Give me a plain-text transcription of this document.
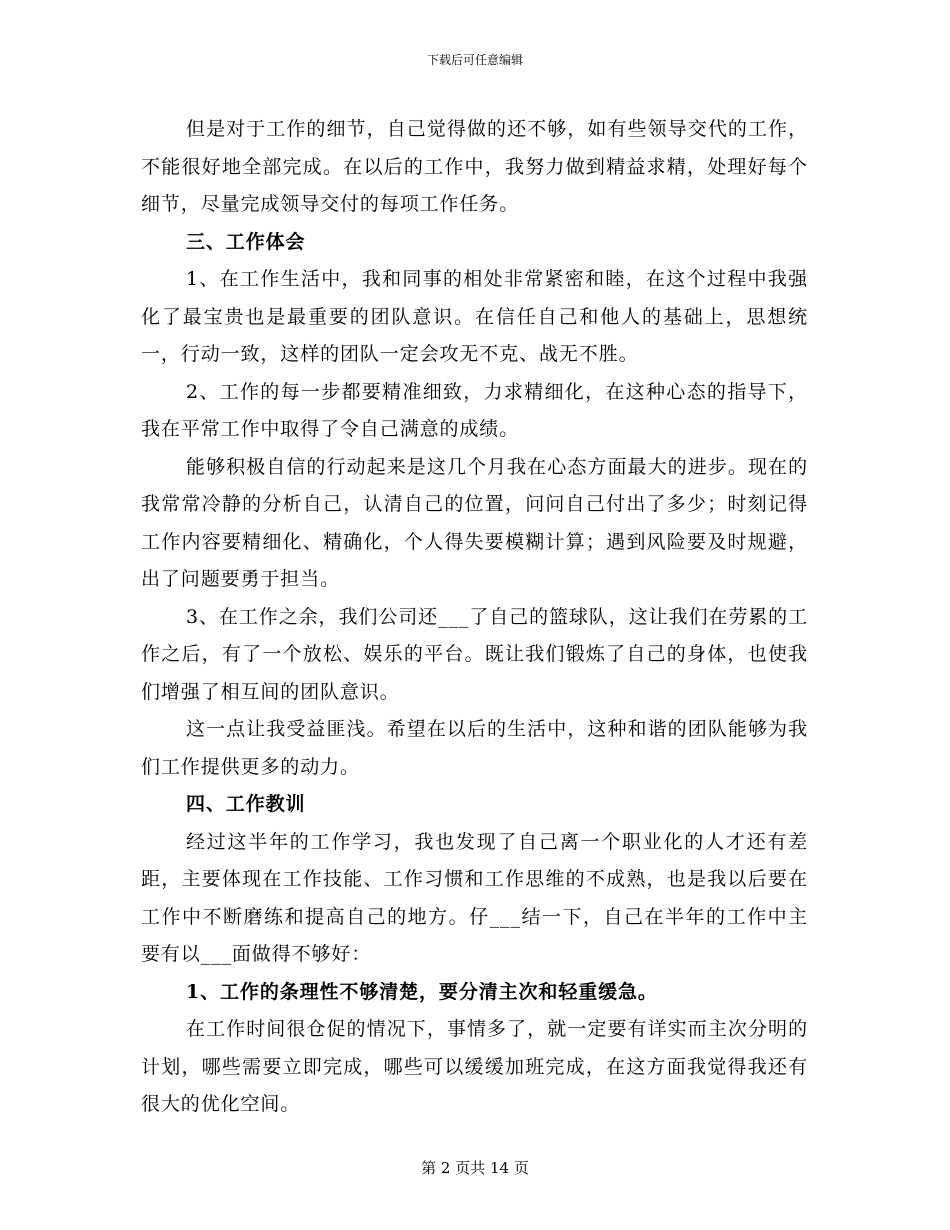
下载后可任意编辑

但是对于工作的细节，自己觉得做的还不够，如有些领导交代的工作，不能很好地全部完成。在以后的工作中，我努力做到精益求精，处理好每个细节，尽量完成领导交付的每项工作任务。

三、工作体会

1、在工作生活中，我和同事的相处非常紧密和睦，在这个过程中我强化了最宝贵也是最重要的团队意识。在信任自己和他人的基础上，思想统一，行动一致，这样的团队一定会攻无不克、战无不胜。

2、工作的每一步都要精准细致，力求精细化，在这种心态的指导下，我在平常工作中取得了令自己满意的成绩。

能够积极自信的行动起来是这几个月我在心态方面最大的进步。现在的我常常冷静的分析自己，认清自己的位置，问问自己付出了多少；时刻记得工作内容要精细化、精确化，个人得失要模糊计算；遇到风险要及时规避，出了问题要勇于担当。

3、在工作之余，我们公司还___了自己的篮球队，这让我们在劳累的工作之后，有了一个放松、娱乐的平台。既让我们锻炼了自己的身体，也使我们增强了相互间的团队意识。

这一点让我受益匪浅。希望在以后的生活中，这种和谐的团队能够为我们工作提供更多的动力。

四、工作教训

经过这半年的工作学习，我也发现了自己离一个职业化的人才还有差距，主要体现在工作技能、工作习惯和工作思维的不成熟，也是我以后要在工作中不断磨练和提高自己的地方。仔___结一下，自己在半年的工作中主要有以___面做得不够好：

1、工作的条理性不够清楚，要分清主次和轻重缓急。

在工作时间很仓促的情况下，事情多了，就一定要有详实而主次分明的计划，哪些需要立即完成，哪些可以缓缓加班完成，在这方面我觉得我还有很大的优化空间。

第 2 页共 14 页
